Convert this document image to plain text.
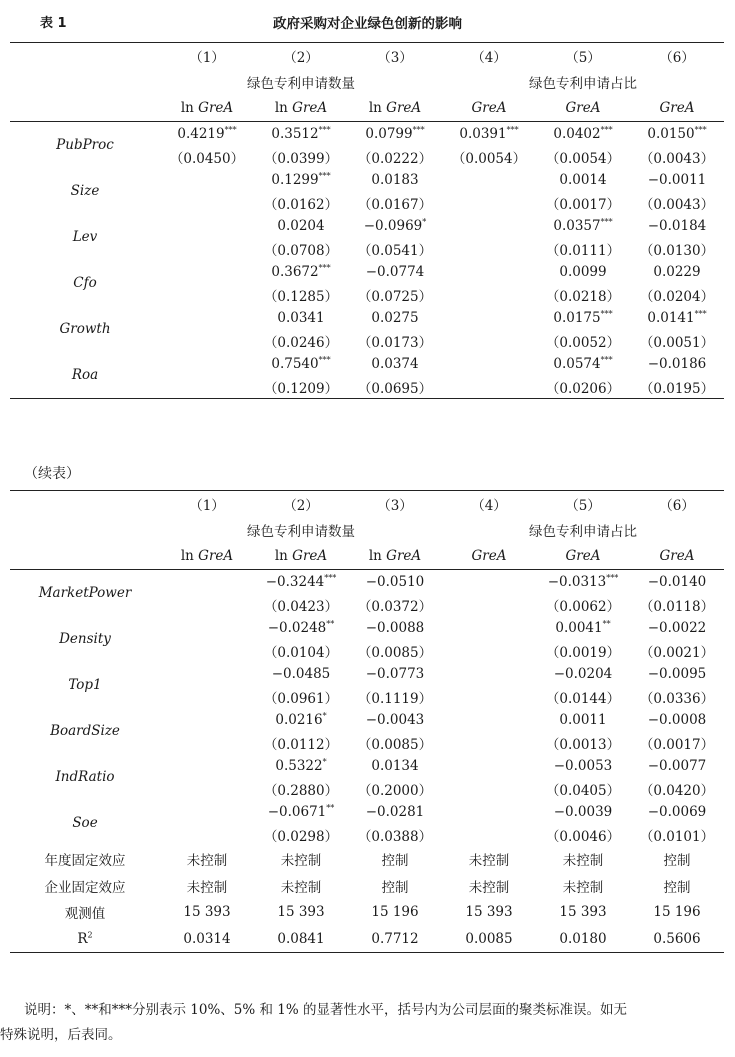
表 1	政府采购对企业绿色创新的影响
	（1）	（2）	（3）	（4）	（5）	（6）
	绿色专利申请数量			绿色专利申请占比		
	ln GreA	ln GreA	ln GreA	GreA	GreA	GreA
PubProc	0.4219***	0.3512***	0.0799***	0.0391***	0.0402***	0.0150***
	（0.0450）	（0.0399）	（0.0222）	（0.0054）	（0.0054）	（0.0043）
Size		0.1299***	0.0183		0.0014	−0.0011
		（0.0162）	（0.0167）		（0.0017）	（0.0043）
Lev		0.0204	−0.0969*		0.0357***	−0.0184
		（0.0708）	（0.0541）		（0.0111）	（0.0130）
Cfo		0.3672***	−0.0774		0.0099	0.0229
		（0.1285）	（0.0725）		（0.0218）	（0.0204）
Growth		0.0341	0.0275		0.0175***	0.0141***
		（0.0246）	（0.0173）		（0.0052）	（0.0051）
Roa		0.7540***	0.0374		0.0574***	−0.0186
		（0.1209）	（0.0695）		（0.0206）	（0.0195）
（续表）
	（1）	（2）	（3）	（4）	（5）	（6）
	绿色专利申请数量			绿色专利申请占比		
	ln GreA	ln GreA	ln GreA	GreA	GreA	GreA
MarketPower		−0.3244***	−0.0510		−0.0313***	−0.0140
		（0.0423）	（0.0372）		（0.0062）	（0.0118）
Density		−0.0248**	−0.0088		0.0041**	−0.0022
		（0.0104）	（0.0085）		（0.0019）	（0.0021）
Top1		−0.0485	−0.0773		−0.0204	−0.0095
		（0.0961）	（0.1119）		（0.0144）	（0.0336）
BoardSize		0.0216*	−0.0043		0.0011	−0.0008
		（0.0112）	（0.0085）		（0.0013）	（0.0017）
IndRatio		0.5322*	0.0134		−0.0053	−0.0077
		（0.2880）	（0.2000）		（0.0405）	（0.0420）
Soe		−0.0671**	−0.0281		−0.0039	−0.0069
		（0.0298）	（0.0388）		（0.0046）	（0.0101）
年度固定效应	未控制	未控制	控制	未控制	未控制	控制
企业固定效应	未控制	未控制	控制	未控制	未控制	控制
观测值	15 393	15 393	15 196	15 393	15 393	15 196
$R^2$	0.0314	0.0841	0.7712	0.0085	0.0180	0.5606

说明：*、**和***分别表示 10%、5% 和 1% 的显著性水平，括号内为公司层面的聚类标准误。如无

特殊说明，后表同。
